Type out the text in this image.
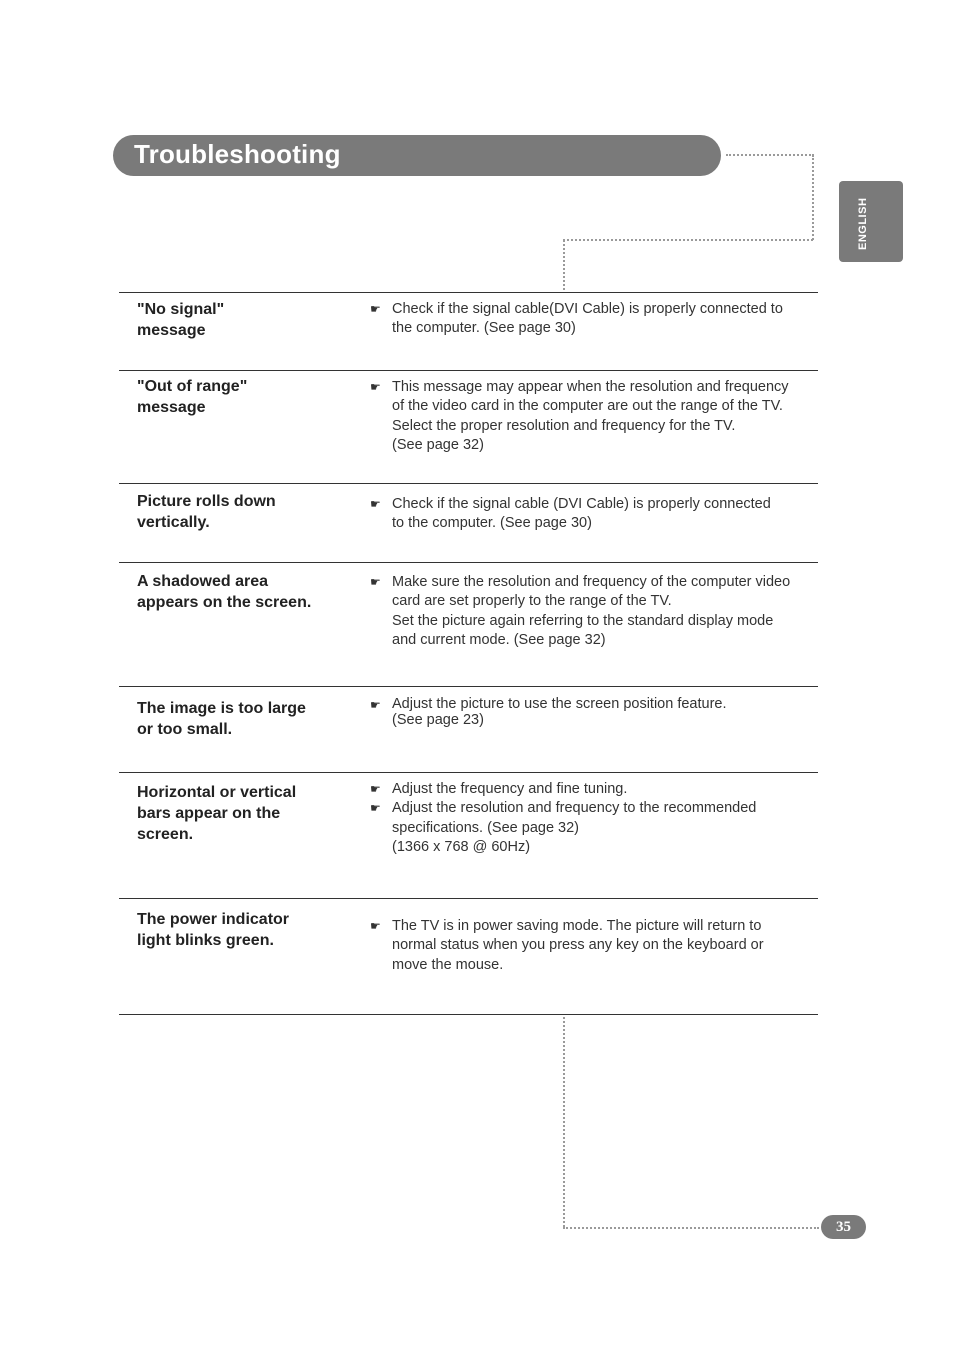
Troubleshooting
ENGLISH
"No signal"
message
☛ Check if the signal cable(DVI Cable) is properly connected to
the computer. (See page 30)
"Out of range"
message
☛ This message may appear when the resolution and frequency
of the video card in the computer are out the range of the TV.
Select the proper resolution and frequency for the TV.
(See page 32)
Picture rolls down
vertically.
☛ Check if the signal cable (DVI Cable) is properly connected
to the computer. (See page 30)
A shadowed area
appears on the screen.
☛ Make sure the resolution and frequency of the computer video
card are set properly to the range of the TV.
Set the picture again referring to the standard display mode
and current mode. (See page 32)
The image is too large
or too small.
☛ Adjust the picture to use the screen position feature.
(See page 23)
Horizontal or vertical
bars appear on the
screen.
☛ Adjust the frequency and fine tuning.
☛ Adjust the resolution and frequency to the recommended
specifications. (See page 32)
(1366 x 768 @ 60Hz)
The power indicator
light blinks green.
☛ The TV is in power saving mode. The picture will return to
normal status when you press any key on the keyboard or
move the mouse.
35
